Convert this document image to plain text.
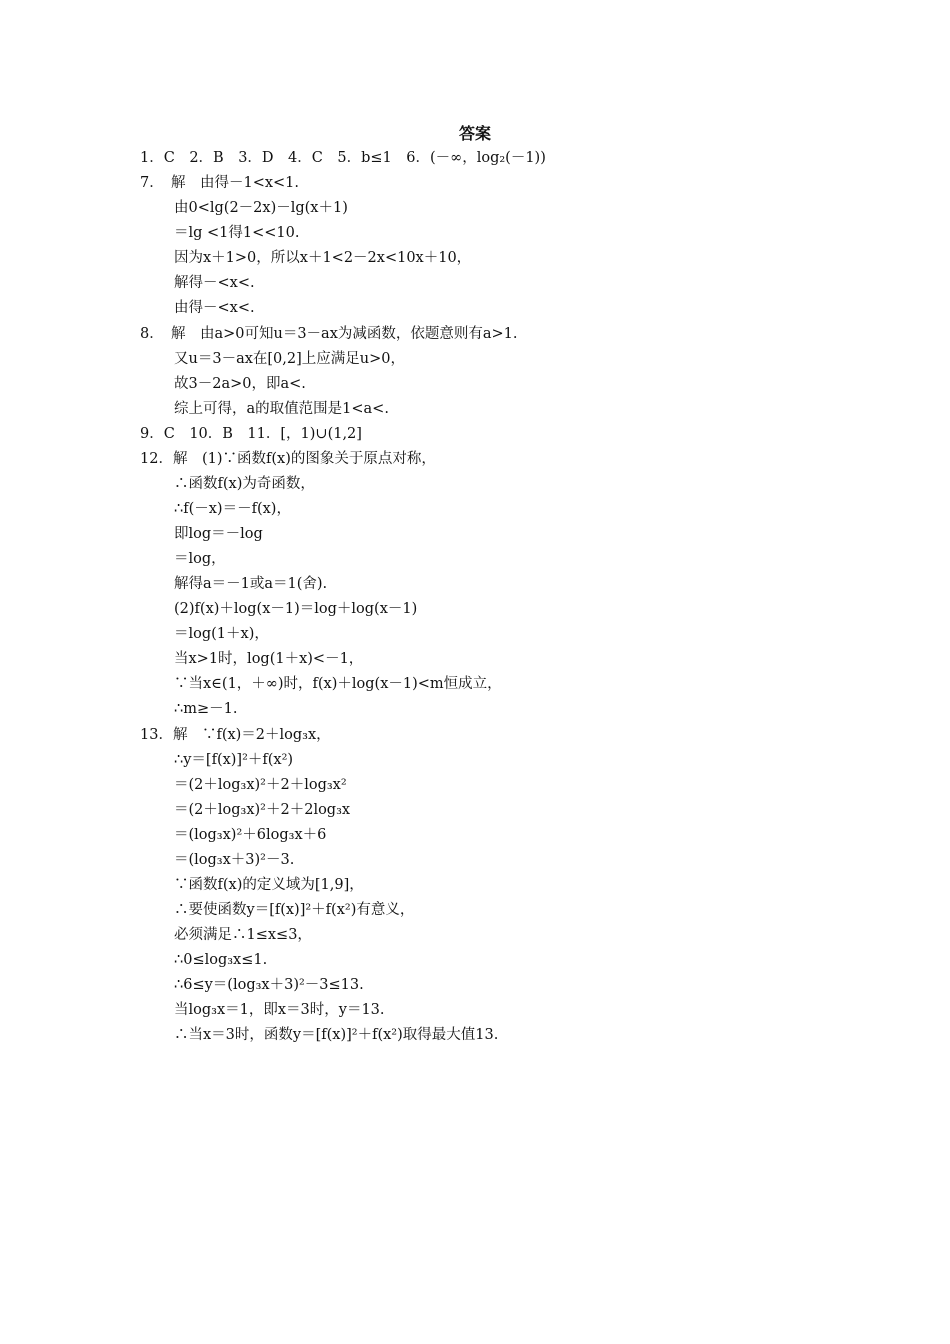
答案
1．C　2．B　3．D　4．C　5．b≤1　6．(－∞，log₂(－1))
7．　解　由得－1<x<1.
由0<lg(2－2x)－lg(x＋1)
＝lg <1得1<<10.
因为x＋1>0，所以x＋1<2－2x<10x＋10，
解得－<x<.
由得－<x<.
8．　解　由a>0可知u＝3－ax为减函数，依题意则有a>1.
又u＝3－ax在[0,2]上应满足u>0，
故3－2a>0，即a<.
综上可得，a的取值范围是1<a<.
9．C　10．B　11．[，1)∪(1,2]
12．解　(1)∵函数f(x)的图象关于原点对称，
∴函数f(x)为奇函数，
∴f(－x)＝－f(x)，
即log＝－log
＝log，
解得a＝－1或a＝1(舍).
(2)f(x)＋log(x－1)＝log＋log(x－1)
＝log(1＋x)，
当x>1时，log(1＋x)<－1，
∵当x∈(1，＋∞)时，f(x)＋log(x－1)<m恒成立，
∴m≥－1.
13．解　∵f(x)＝2＋log₃x，
∴y＝[f(x)]²＋f(x²)
＝(2＋log₃x)²＋2＋log₃x²
＝(2＋log₃x)²＋2＋2log₃x
＝(log₃x)²＋6log₃x＋6
＝(log₃x＋3)²－3.
∵函数f(x)的定义域为[1,9]，
∴要使函数y＝[f(x)]²＋f(x²)有意义，
必须满足∴1≤x≤3，
∴0≤log₃x≤1.
∴6≤y＝(log₃x＋3)²－3≤13.
当log₃x＝1，即x＝3时，y＝13.
∴当x＝3时，函数y＝[f(x)]²＋f(x²)取得最大值13.
